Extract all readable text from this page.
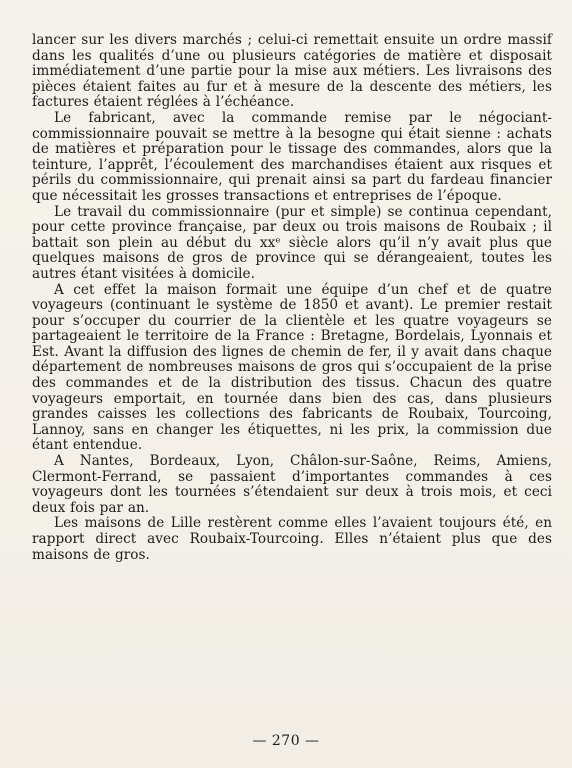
lancer sur les divers marchés ; celui-ci remettait ensuite un ordre massif dans les qualités d’une ou plusieurs catégories de matière et disposait immédiatement d’une partie pour la mise aux métiers. Les livraisons des pièces étaient faites au fur et à mesure de la descente des métiers, les factures étaient réglées à l’échéance.

Le fabricant, avec la commande remise par le négociant-commissionnaire pouvait se mettre à la besogne qui était sienne : achats de matières et préparation pour le tissage des commandes, alors que la teinture, l’apprêt, l’écoulement des marchandises étaient aux risques et périls du commissionnaire, qui prenait ainsi sa part du fardeau financier que nécessitait les grosses transactions et entreprises de l’époque.

Le travail du commissionnaire (pur et simple) se continua cependant, pour cette province française, par deux ou trois maisons de Roubaix ; il battait son plein au début du xxᵉ siècle alors qu’il n’y avait plus que quelques maisons de gros de province qui se dérangeaient, toutes les autres étant visitées à domicile.

A cet effet la maison formait une équipe d’un chef et de quatre voyageurs (continuant le système de 1850 et avant). Le premier restait pour s’occuper du courrier de la clientèle et les quatre voyageurs se partageaient le territoire de la France : Bretagne, Bordelais, Lyonnais et Est. Avant la diffusion des lignes de chemin de fer, il y avait dans chaque département de nombreuses maisons de gros qui s’occupaient de la prise des commandes et de la distribution des tissus. Chacun des quatre voyageurs emportait, en tournée dans bien des cas, dans plusieurs grandes caisses les collections des fabricants de Roubaix, Tourcoing, Lannoy, sans en changer les étiquettes, ni les prix, la commission due étant entendue.

A Nantes, Bordeaux, Lyon, Châlon-sur-Saône, Reims, Amiens, Clermont-Ferrand, se passaient d’importantes commandes à ces voyageurs dont les tournées s’étendaient sur deux à trois mois, et ceci deux fois par an.

Les maisons de Lille restèrent comme elles l’avaient toujours été, en rapport direct avec Roubaix-Tourcoing. Elles n’étaient plus que des maisons de gros.

— 270 —
